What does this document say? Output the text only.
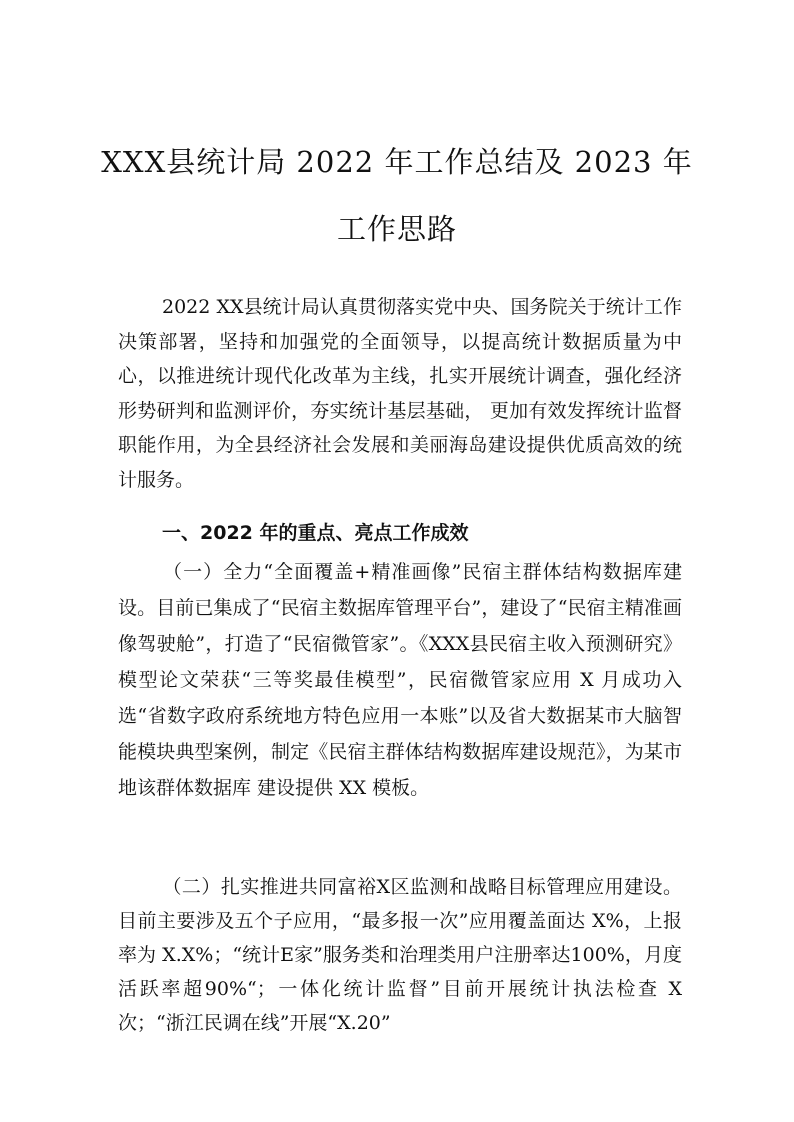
XXX县统计局 2022 年工作总结及 2023 年
工作思路

2022 XX县统计局认真贯彻落实党中央、国务院关于统计工作决策部署，坚持和加强党的全面领导，以提高统计数据质量为中心，以推进统计现代化改革为主线，扎实开展统计调查，强化经济形势研判和监测评价，夯实统计基层基础， 更加有效发挥统计监督职能作用，为全县经济社会发展和美丽海岛建设提供优质高效的统计服务。

一、2022 年的重点、亮点工作成效

（一）全力“全面覆盖+精准画像”民宿主群体结构数据库建设。目前已集成了“民宿主数据库管理平台”，建设了“民宿主精准画像驾驶舱”，打造了“民宿微管家”。《XXX县民宿主收入预测研究》模型论文荣获“三等奖最佳模型”，民宿微管家应用 X 月成功入选“省数字政府系统地方特色应用一本账”以及省大数据某市大脑智能模块典型案例，制定《民宿主群体结构数据库建设规范》，为某市地该群体数据库 建设提供 XX 模板。

（二）扎实推进共同富裕X区监测和战略目标管理应用建设。目前主要涉及五个子应用，“最多报一次”应用覆盖面达 X%，上报率为 X.X%；“统计E家”服务类和治理类用户注册率达100%，月度活跃率超90%“；一体化统计监督”目前开展统计执法检查 X 次；“浙江民调在线”开展“X.20”
